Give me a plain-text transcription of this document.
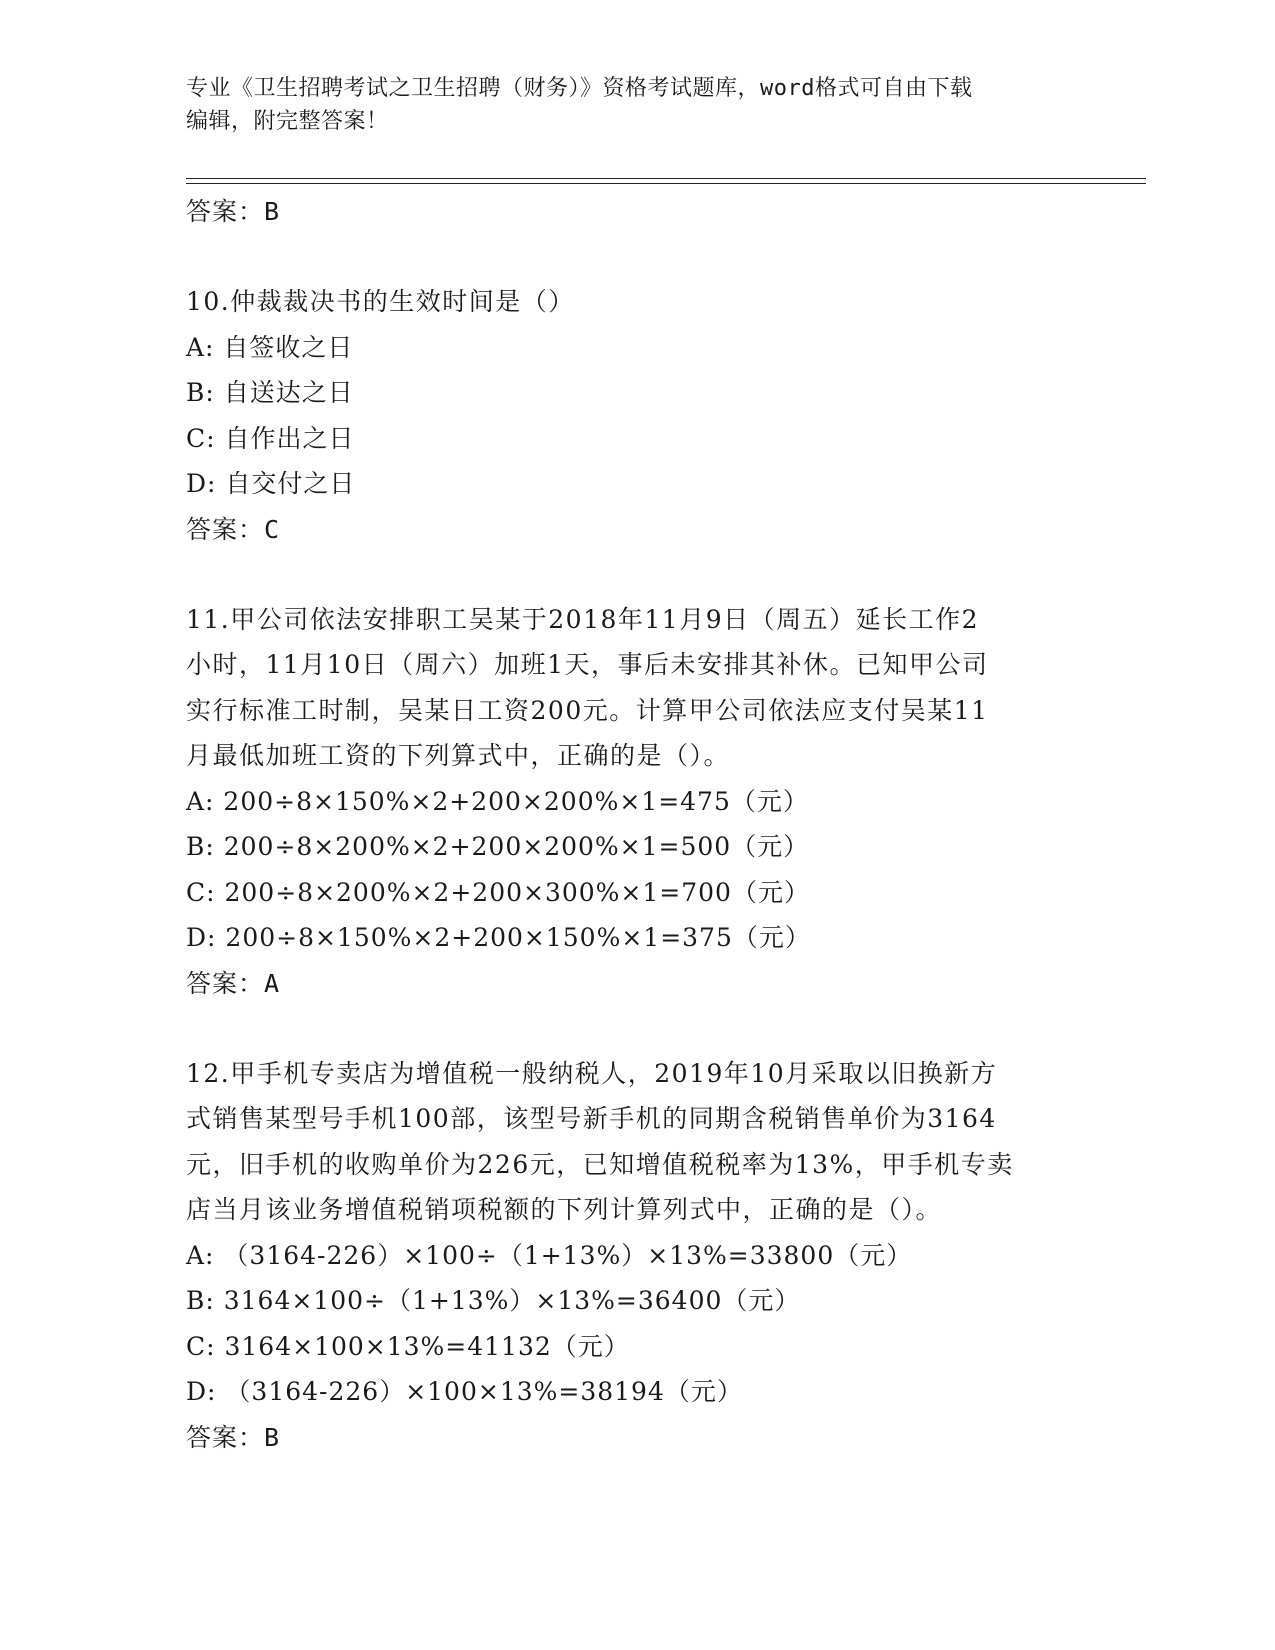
专业《卫生招聘考试之卫生招聘（财务）》资格考试题库，word格式可自由下载
编辑，附完整答案！
答案：B
10.仲裁裁决书的生效时间是（）
A: 自签收之日
B: 自送达之日
C: 自作出之日
D: 自交付之日
答案：C
11.甲公司依法安排职工吴某于2018年11月9日（周五）延长工作2
小时，11月10日（周六）加班1天，事后未安排其补休。已知甲公司
实行标准工时制，吴某日工资200元。计算甲公司依法应支付吴某11
月最低加班工资的下列算式中，正确的是（）。
A: 200÷8×150%×2+200×200%×1=475（元）
B: 200÷8×200%×2+200×200%×1=500（元）
C: 200÷8×200%×2+200×300%×1=700（元）
D: 200÷8×150%×2+200×150%×1=375（元）
答案：A
12.甲手机专卖店为增值税一般纳税人，2019年10月采取以旧换新方
式销售某型号手机100部，该型号新手机的同期含税销售单价为3164
元，旧手机的收购单价为226元，已知增值税税率为13%，甲手机专卖
店当月该业务增值税销项税额的下列计算列式中，正确的是（）。
A: （3164-226）×100÷（1+13%）×13%=33800（元）
B: 3164×100÷（1+13%）×13%=36400（元）
C: 3164×100×13%=41132（元）
D: （3164-226）×100×13%=38194（元）
答案：B
